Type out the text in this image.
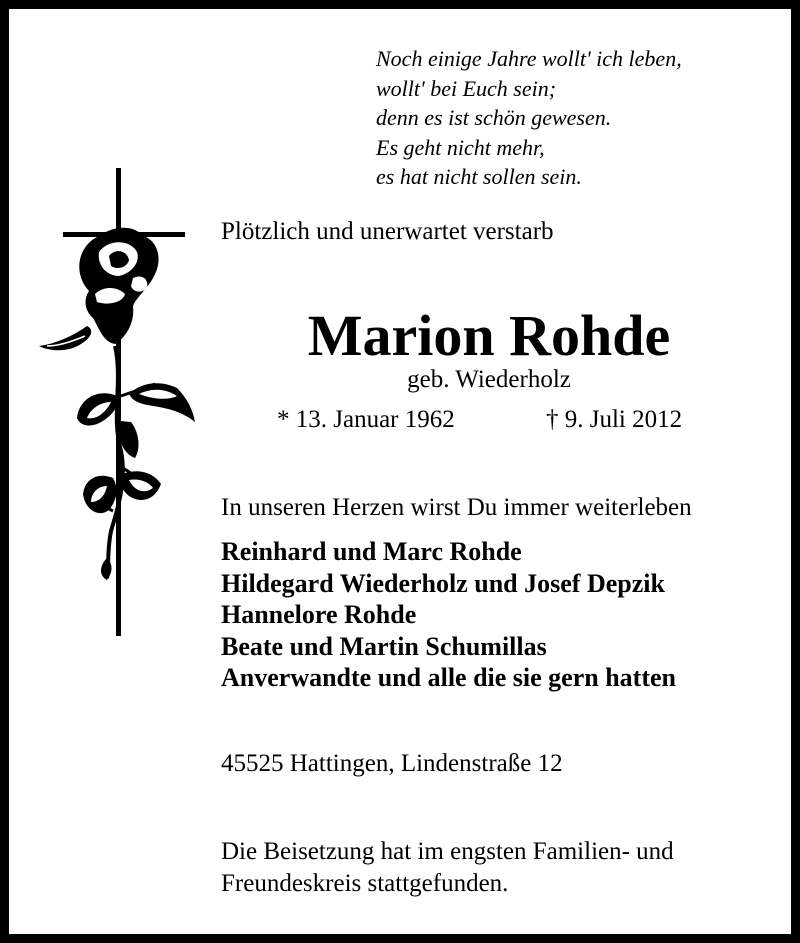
Noch einige Jahre wollt' ich leben,
wollt' bei Euch sein;
denn es ist schön gewesen.
Es geht nicht mehr,
es hat nicht sollen sein.
Plötzlich und unerwartet verstarb
Marion Rohde
geb. Wiederholz
* 13. Januar 1962	† 9. Juli 2012
In unseren Herzen wirst Du immer weiterleben
Reinhard und Marc Rohde
Hildegard Wiederholz und Josef Depzik
Hannelore Rohde
Beate und Martin Schumillas
Anverwandte und alle die sie gern hatten
45525 Hattingen, Lindenstraße 12
Die Beisetzung hat im engsten Familien- und
Freundeskreis stattgefunden.
